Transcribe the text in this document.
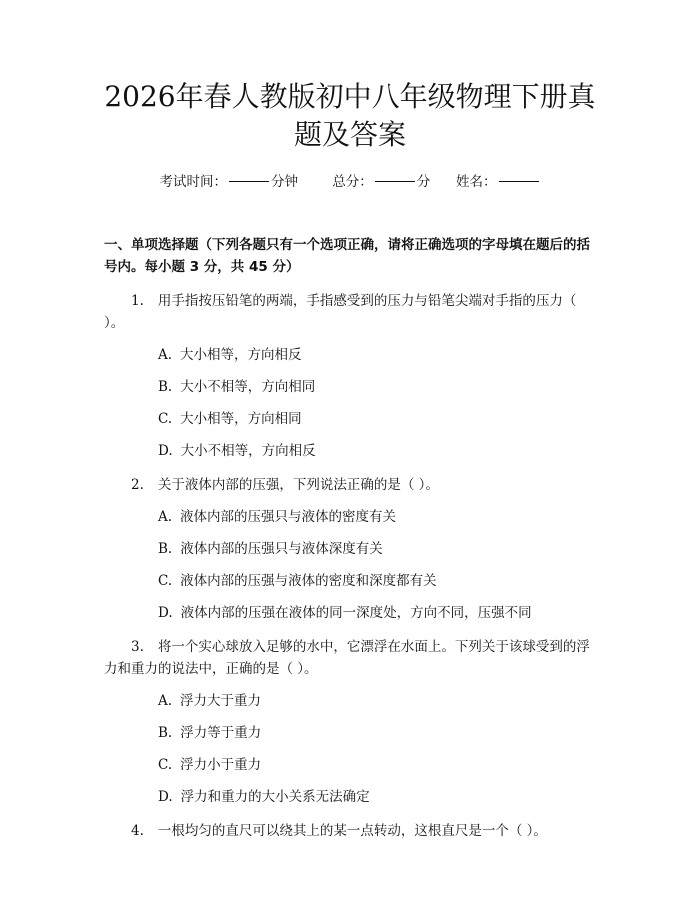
2026年春人教版初中八年级物理下册真题及答案
考试时间：	分钟	总分：	分 姓名：
一、单项选择题（下列各题只有一个选项正确，请将正确选项的字母填在题后的括号内。每小题 3 分，共 45 分）
1. 用手指按压铅笔的两端，手指感受到的压力与铅笔尖端对手指的压力（ ）。
A. 大小相等，方向相反
B. 大小不相等，方向相同
C. 大小相等，方向相同
D. 大小不相等，方向相反
2. 关于液体内部的压强，下列说法正确的是（ ）。
A. 液体内部的压强只与液体的密度有关
B. 液体内部的压强只与液体深度有关
C. 液体内部的压强与液体的密度和深度都有关
D. 液体内部的压强在液体的同一深度处，方向不同，压强不同
3. 将一个实心球放入足够的水中，它漂浮在水面上。下列关于该球受到的浮力和重力的说法中，正确的是（ ）。
A. 浮力大于重力
B. 浮力等于重力
C. 浮力小于重力
D. 浮力和重力的大小关系无法确定
4. 一根均匀的直尺可以绕其上的某一点转动，这根直尺是一个（ ）。
